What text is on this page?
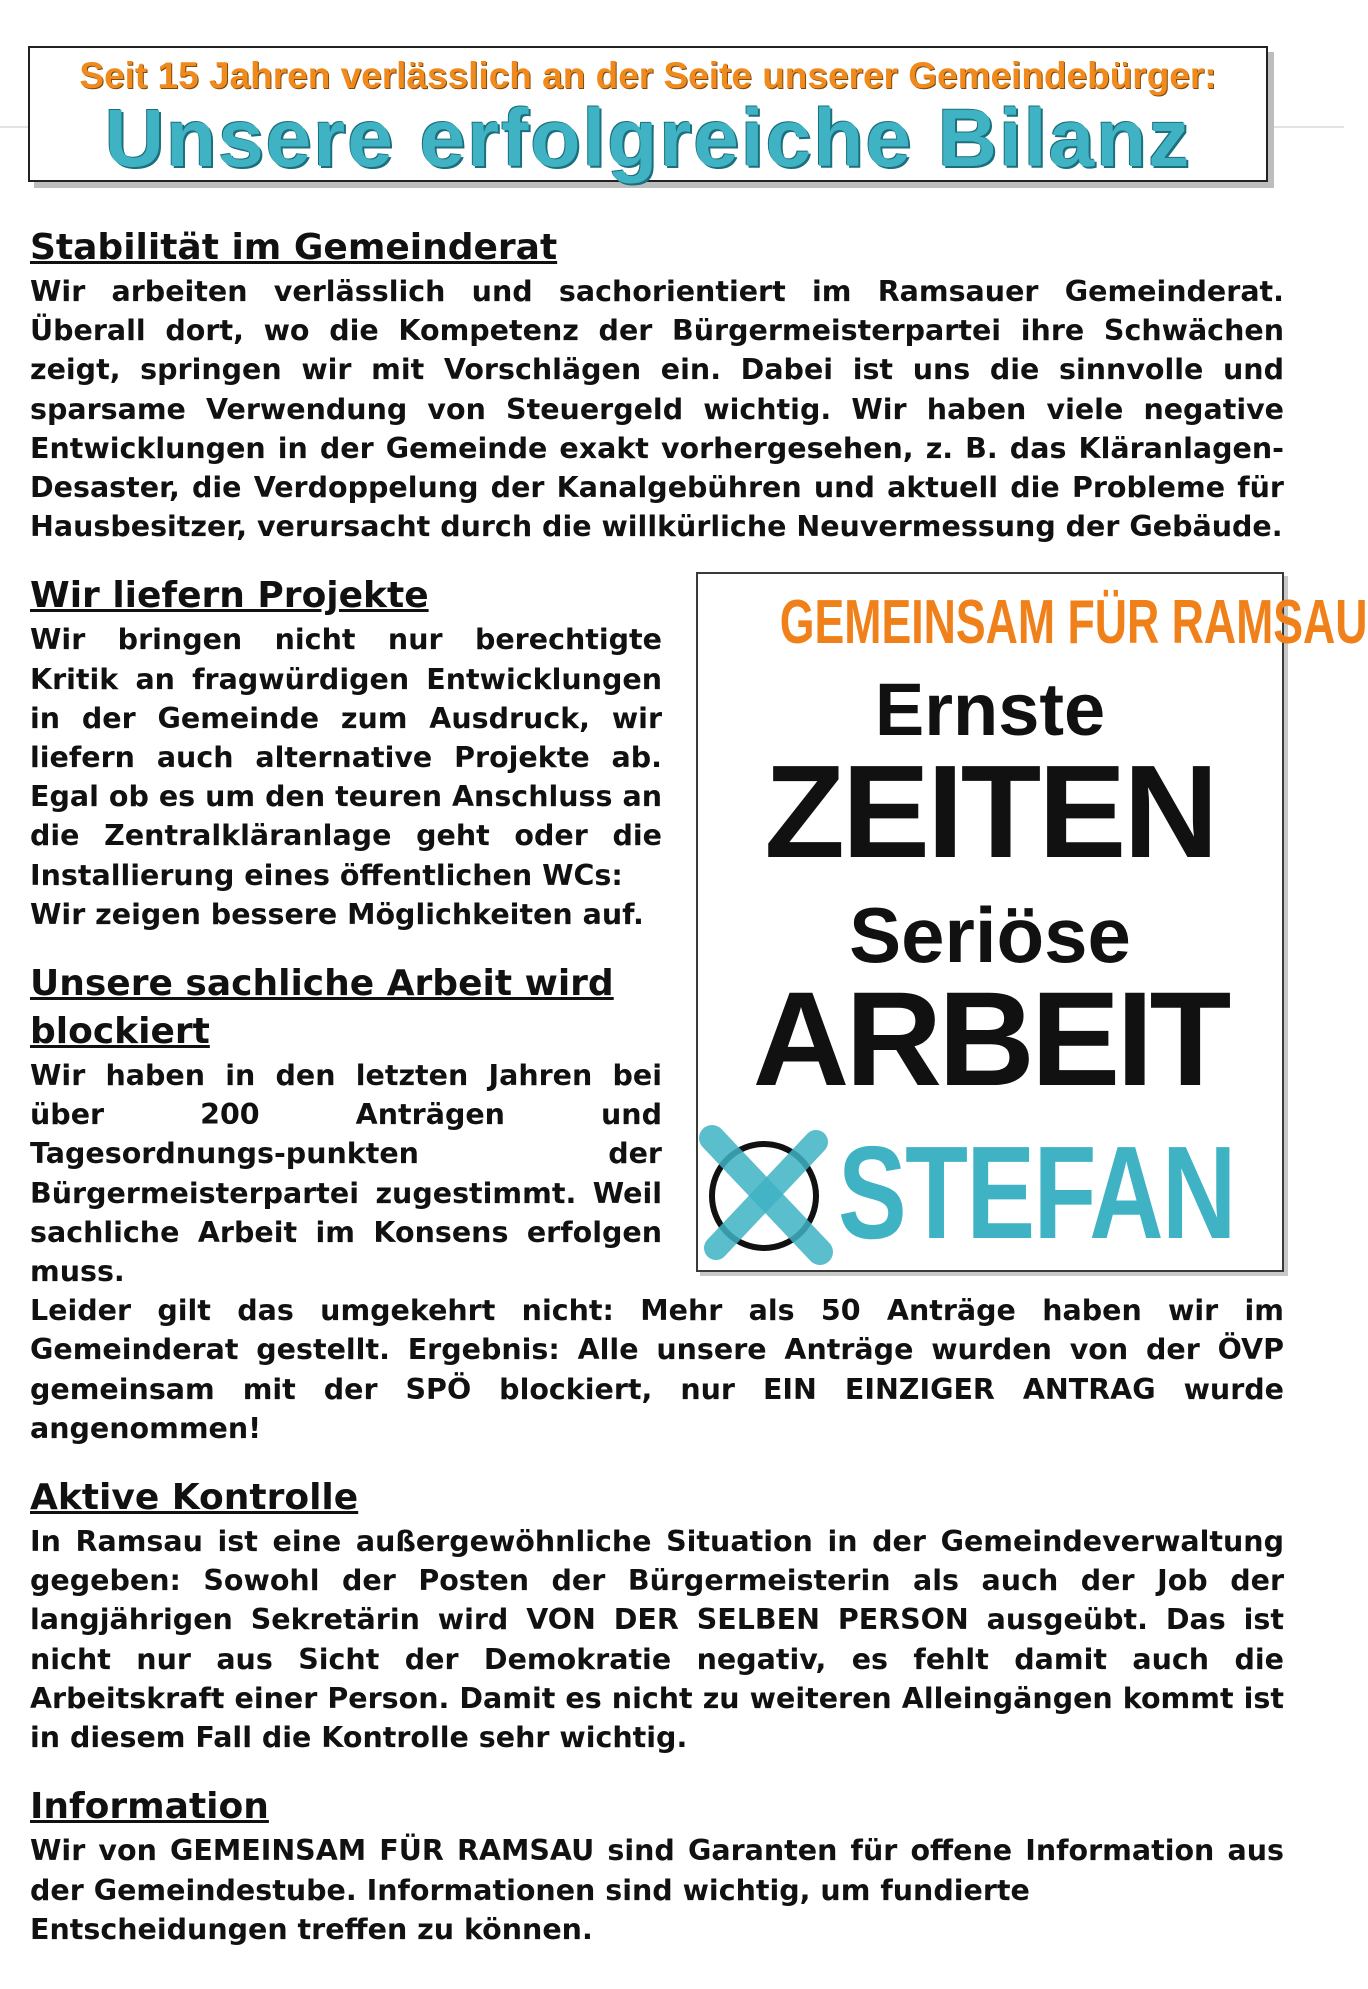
Seit 15 Jahren verlässlich an der Seite unserer Gemeindebürger:
Unsere erfolgreiche Bilanz
Stabilität im Gemeinderat

Wir arbeiten verlässlich und sachorientiert im Ramsauer Gemeinderat. Überall dort, wo die Kompetenz der Bürgermeisterpartei ihre Schwächen zeigt, springen wir mit Vorschlägen ein. Dabei ist uns die sinnvolle und sparsame Verwendung von Steuergeld wichtig. Wir haben viele negative Entwicklungen in der Gemeinde exakt vorhergesehen, z. B. das Kläranlagen-Desaster, die Verdoppelung der Kanalgebühren und aktuell die Probleme für Hausbesitzer, verursacht durch die willkürliche Neuvermessung der Gebäude.

GEMEINSAM FÜR RAMSAU
Ernste
ZEITEN
Seriöse
ARBEIT
STEFAN
Wir liefern Projekte

Wir bringen nicht nur berechtigte Kritik an fragwürdigen Entwicklungen in der Gemeinde zum Ausdruck, wir liefern auch alternative Projekte ab. Egal ob es um den teuren Anschluss an die Zentralkläranlage geht oder die Installierung eines öffentlichen WCs:
Wir zeigen bessere Möglichkeiten auf.

Unsere sachliche Arbeit wird blockiert

Wir haben in den letzten Jahren bei über 200 Anträgen und Tagesordnungs-punkten der Bürgermeisterpartei zugestimmt. Weil sachliche Arbeit im Konsens erfolgen muss.

Leider gilt das umgekehrt nicht: Mehr als 50 Anträge haben wir im Gemeinderat gestellt. Ergebnis: Alle unsere Anträge wurden von der ÖVP gemeinsam mit der SPÖ blockiert, nur EIN EINZIGER ANTRAG wurde angenommen!

Aktive Kontrolle

In Ramsau ist eine außergewöhnliche Situation in der Gemeindeverwaltung gegeben: Sowohl der Posten der Bürgermeisterin als auch der Job der langjährigen Sekretärin wird VON DER SELBEN PERSON ausgeübt. Das ist nicht nur aus Sicht der Demokratie negativ, es fehlt damit auch die Arbeitskraft einer Person. Damit es nicht zu weiteren Alleingängen kommt ist in diesem Fall die Kontrolle sehr wichtig.

Information

Wir von GEMEINSAM FÜR RAMSAU sind Garanten für offene Information aus der Gemeindestube. Informationen sind wichtig, um fundierte
Entscheidungen treffen zu können.
